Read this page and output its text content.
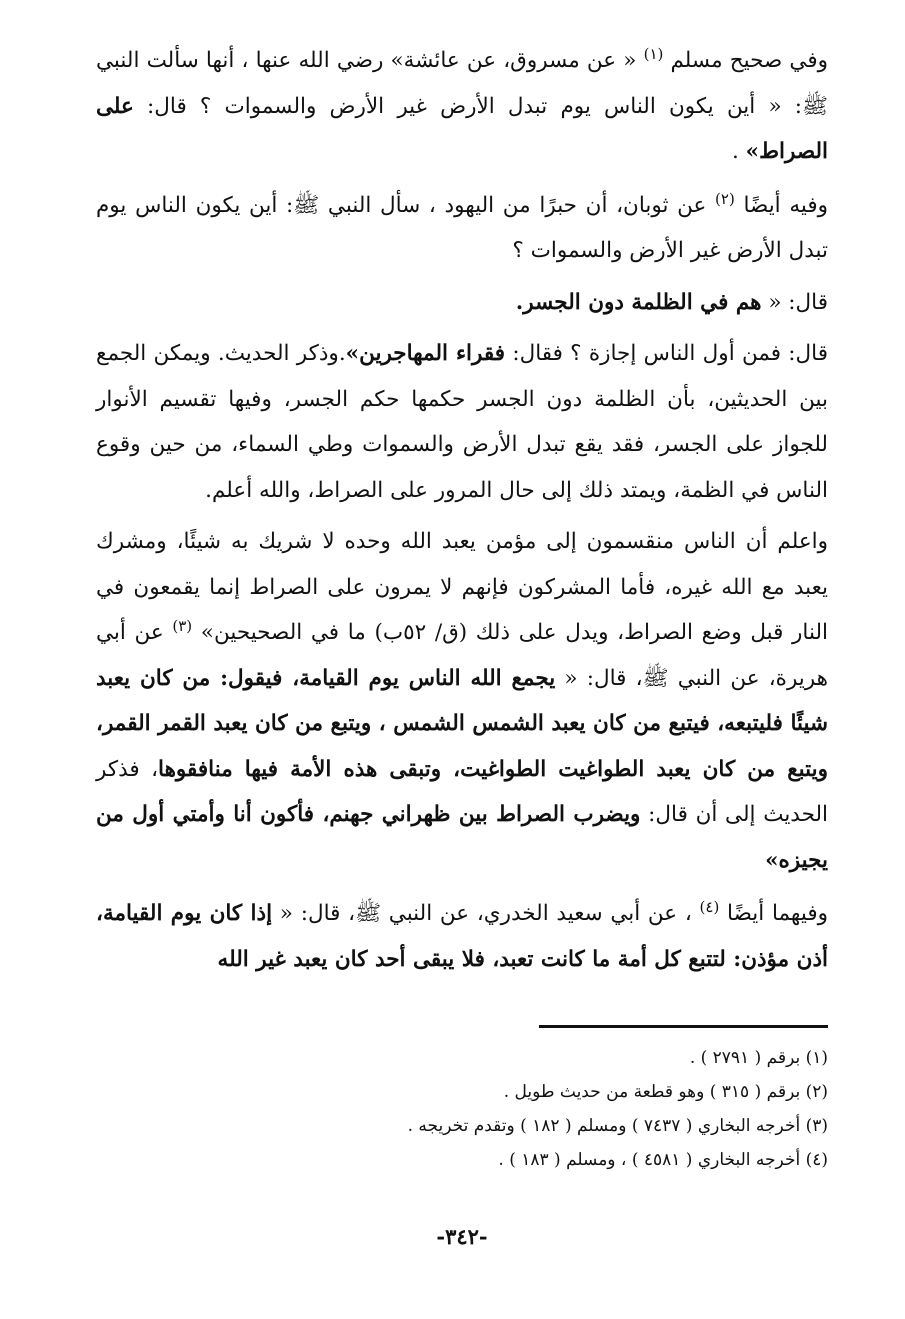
وفي صحيح مسلم $^{(١)}$ « عن مسروق، عن عائشة» رضي الله عنها ، أنها سألت النبي ﷺ: « أين يكون الناس يوم تبدل الأرض غير الأرض والسموات ؟ قال: على الصراط» .

وفيه أيضًا $^{(٢)}$ عن ثوبان، أن حبرًا من اليهود ، سأل النبي ﷺ: أين يكون الناس يوم تبدل الأرض غير الأرض والسموات ؟

قال: « هم في الظلمة دون الجسر.

قال: فمن أول الناس إجازة ؟ فقال: فقراء المهاجرين».وذكر الحديث. ويمكن الجمع بين الحديثين، بأن الظلمة دون الجسر حكمها حكم الجسر، وفيها تقسيم الأنوار للجواز على الجسر، فقد يقع تبدل الأرض والسموات وطي السماء، من حين وقوع الناس في الظمة، ويمتد ذلك إلى حال المرور على الصراط، والله أعلم.

واعلم أن الناس منقسمون إلى مؤمن يعبد الله وحده لا شريك به شيئًا، ومشرك يعبد مع الله غيره، فأما المشركون فإنهم لا يمرون على الصراط إنما يقمعون في النار قبل وضع الصراط، ويدل على ذلك (ق/ ٥٢ب) ما في الصحيحين» $^{(٣)}$ عن أبي هريرة، عن النبي ﷺ، قال: « يجمع الله الناس يوم القيامة، فيقول: من كان يعبد شيئًا فليتبعه، فيتبع من كان يعبد الشمس الشمس ، ويتبع من كان يعبد القمر القمر، ويتبع من كان يعبد الطواغيت الطواغيت، وتبقى هذه الأمة فيها منافقوها، فذكر الحديث إلى أن قال: ويضرب الصراط بين ظهراني جهنم، فأكون أنا وأمتي أول من يجيزه»

وفيهما أيضًا $^{(٤)}$ ، عن أبي سعيد الخدري، عن النبي ﷺ، قال: « إذا كان يوم القيامة، أذن مؤذن: لتتبع كل أمة ما كانت تعبد، فلا يبقى أحد كان يعبد غير الله

(١) برقم ( ٢٧٩١ ) .

(٢) برقم ( ٣١٥ ) وهو قطعة من حديث طويل .

(٣) أخرجه البخاري ( ٧٤٣٧ ) ومسلم ( ١٨٢ ) وتقدم تخريجه .

(٤) أخرجه البخاري ( ٤٥٨١ ) ، ومسلم ( ١٨٣ ) .

-٣٤٢-
